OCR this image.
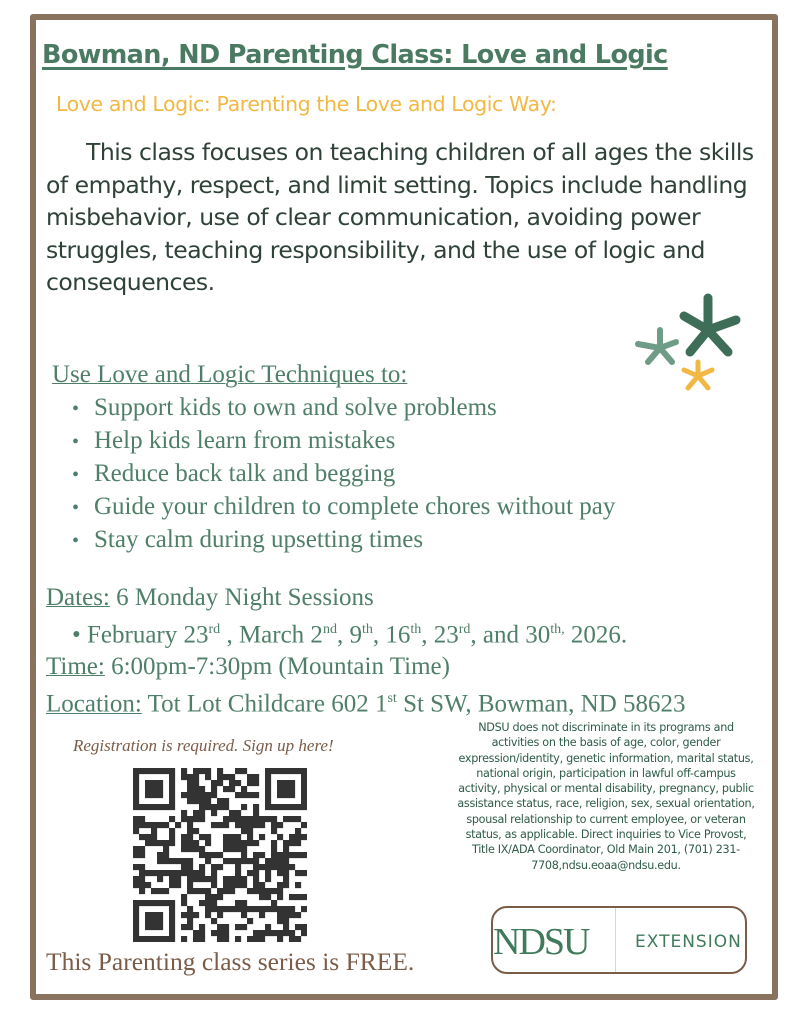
Bowman, ND Parenting Class: Love and Logic
Love and Logic: Parenting the Love and Logic Way:
This class focuses on teaching children of all ages the skills of empathy, respect, and limit setting. Topics include handling misbehavior, use of clear communication, avoiding power struggles, teaching responsibility, and the use of logic and consequences.
Use Love and Logic Techniques to:
• Support kids to own and solve problems
• Help kids learn from mistakes
• Reduce back talk and begging
• Guide your children to complete chores without pay
• Stay calm during upsetting times
Dates: 6 Monday Night Sessions
• February 23rd , March 2nd, 9th, 16th, 23rd, and $30^{th,}$ 2026.
Time: 6:00pm-7:30pm (Mountain Time)
Location: Tot Lot Childcare 602 1st St SW, Bowman, ND 58623
Registration is required. Sign up here!
This Parenting class series is FREE.
NDSU does not discriminate in its programs and activities on the basis of age, color, gender expression/identity, genetic information, marital status, national origin, participation in lawful off-campus activity, physical or mental disability, pregnancy, public assistance status, race, religion, sex, sexual orientation, spousal relationship to current employee, or veteran status, as applicable. Direct inquiries to Vice Provost, Title IX/ADA Coordinator, Old Main 201, (701) 231-7708,ndsu.eoaa@ndsu.edu.
NDSU	EXTENSION
